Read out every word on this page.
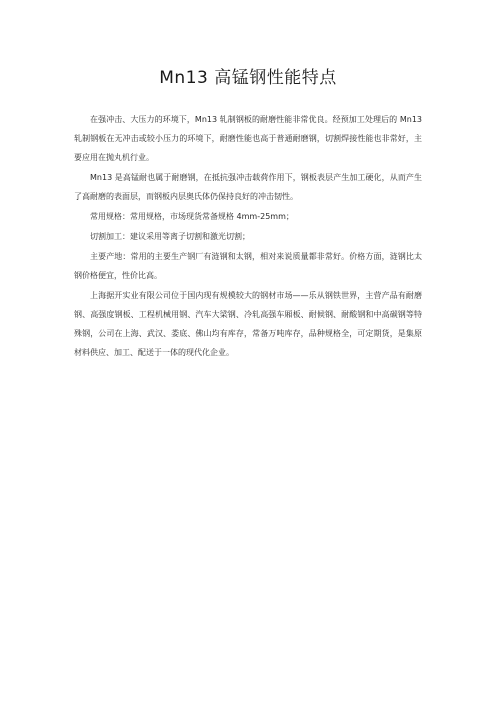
Mn13 高锰钢性能特点

在强冲击、大压力的环境下，Mn13 轧制钢板的耐磨性能非常优良。经预加工处理后的 Mn13 轧制钢板在无冲击或较小压力的环境下，耐磨性能也高于普通耐磨钢，切割焊接性能也非常好，主要应用在抛丸机行业。

Mn13 是高锰耐也属于耐磨钢，在抵抗强冲击载荷作用下，钢板表层产生加工硬化，从而产生了高耐磨的表面层，而钢板内层奥氏体仍保持良好的冲击韧性。

常用规格：常用规格，市场现货常备规格 4mm-25mm；

切割加工：建议采用等离子切割和激光切割；

主要产地：常用的主要生产钢厂有涟钢和太钢，相对来说质量都非常好。价格方面，涟钢比太钢价格便宜，性价比高。

上海据开实业有限公司位于国内现有规模较大的钢材市场——乐从钢铁世界，主营产品有耐磨钢、高强度钢板、工程机械用钢、汽车大梁钢、冷轧高强车厢板、耐候钢、耐酸钢和中高碳钢等特殊钢，公司在上海、武汉、娄底、佛山均有库存，常备万吨库存，品种规格全，可定期货，是集原材料供应、加工、配送于一体的现代化企业。
